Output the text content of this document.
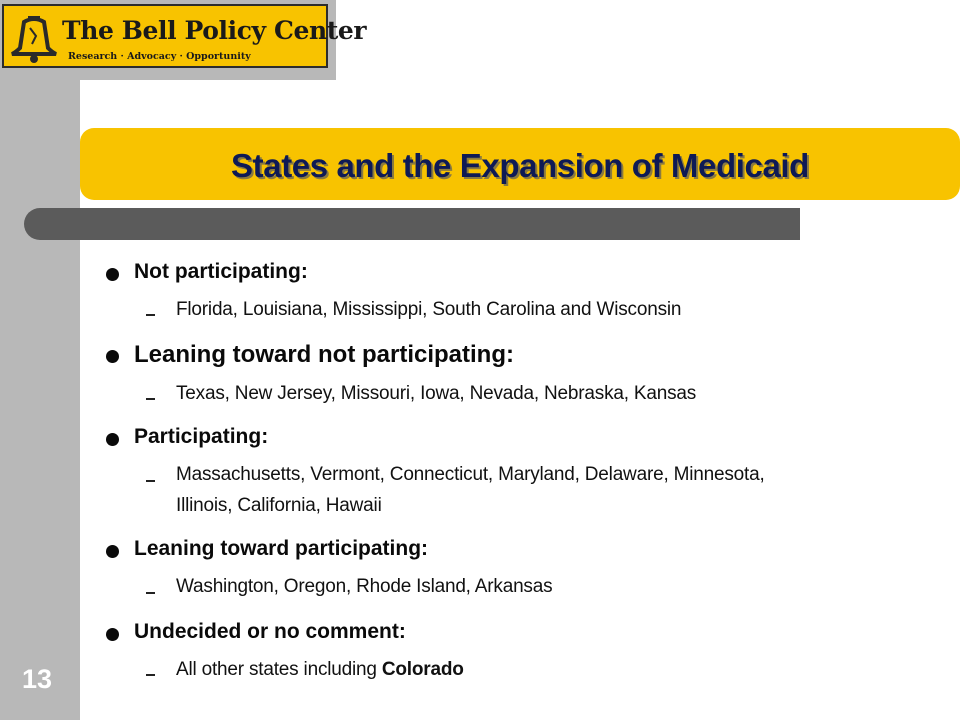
The Bell Policy Center
Research · Advocacy · Opportunity
States and the Expansion of Medicaid
Not participating:
Florida, Louisiana, Mississippi, South Carolina and Wisconsin
Leaning toward not participating:
Texas, New Jersey, Missouri, Iowa, Nevada, Nebraska, Kansas
Participating:
Massachusetts, Vermont, Connecticut, Maryland, Delaware, Minnesota,
Illinois, California, Hawaii
Leaning toward participating:
Washington, Oregon, Rhode Island, Arkansas
Undecided or no comment:
All other states including Colorado
13
